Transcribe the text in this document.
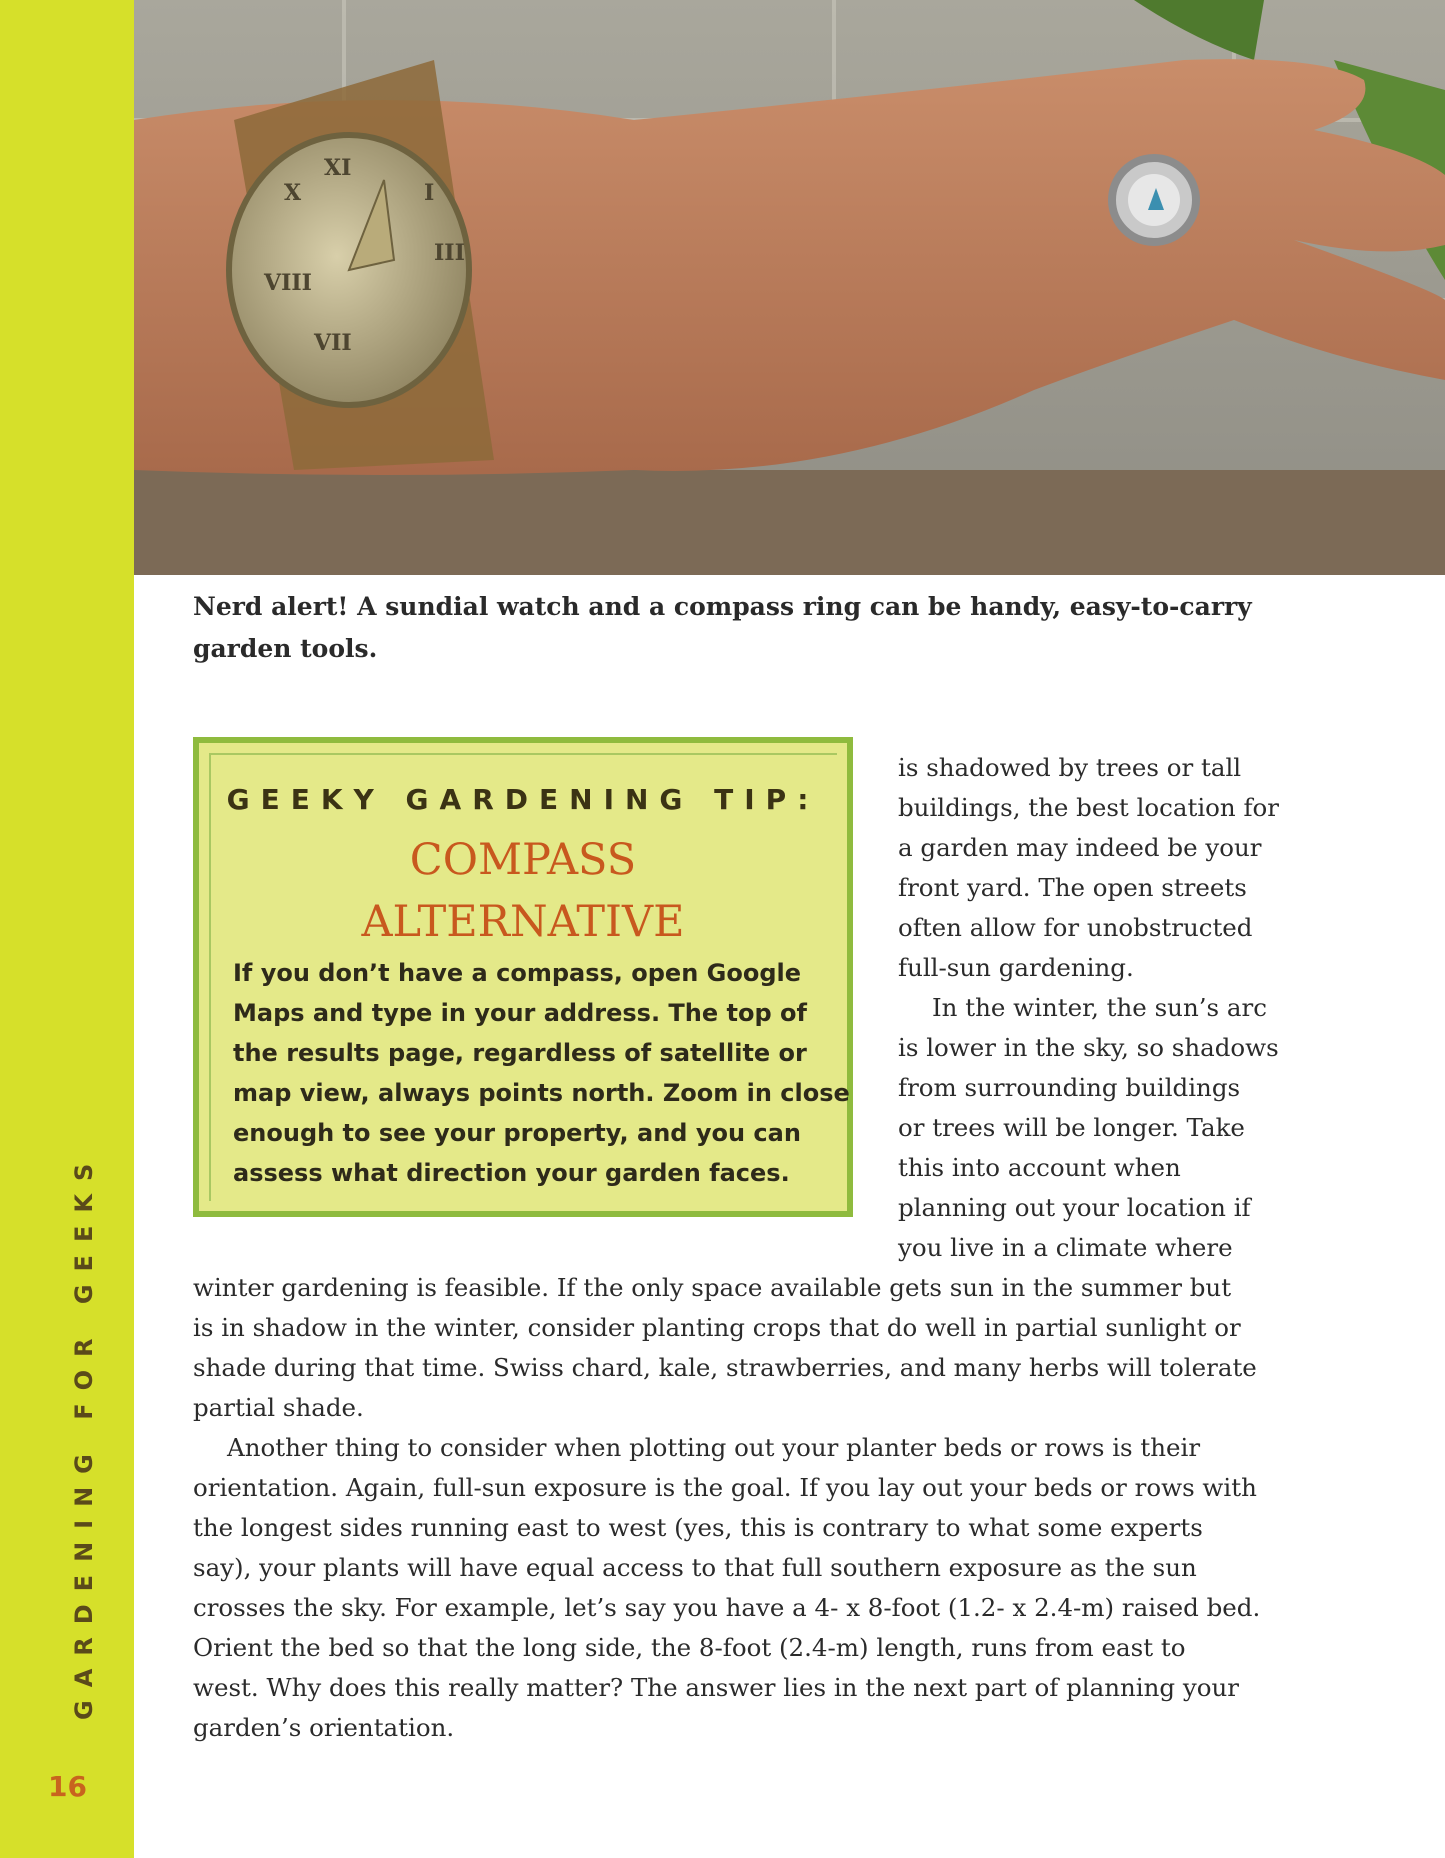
GARDENING FOR GEEKS
16
X
XI
I
III
VIII
VII
Nerd alert! A sundial watch and a compass ring can be handy, easy-to-carry
garden tools.
GEEKY GARDENING TIP:
COMPASS
ALTERNATIVE
If you don’t have a compass, open Google
Maps and type in your address. The top of
the results page, regardless of satellite or
map view, always points north. Zoom in close
enough to see your property, and you can
assess what direction your garden faces.
is shadowed by trees or tall
buildings, the best location for
a garden may indeed be your
front yard. The open streets
often allow for unobstructed
full-sun gardening.
In the winter, the sun’s arc
is lower in the sky, so shadows
from surrounding buildings
or trees will be longer. Take
this into account when
planning out your location if
you live in a climate where
winter gardening is feasible. If the only space available gets sun in the summer but
is in shadow in the winter, consider planting crops that do well in partial sunlight or
shade during that time. Swiss chard, kale, strawberries, and many herbs will tolerate
partial shade.
Another thing to consider when plotting out your planter beds or rows is their
orientation. Again, full-sun exposure is the goal. If you lay out your beds or rows with
the longest sides running east to west (yes, this is contrary to what some experts
say), your plants will have equal access to that full southern exposure as the sun
crosses the sky. For example, let’s say you have a 4- x 8-foot (1.2- x 2.4-m) raised bed.
Orient the bed so that the long side, the 8-foot (2.4-m) length, runs from east to
west. Why does this really matter? The answer lies in the next part of planning your
garden’s orientation.
